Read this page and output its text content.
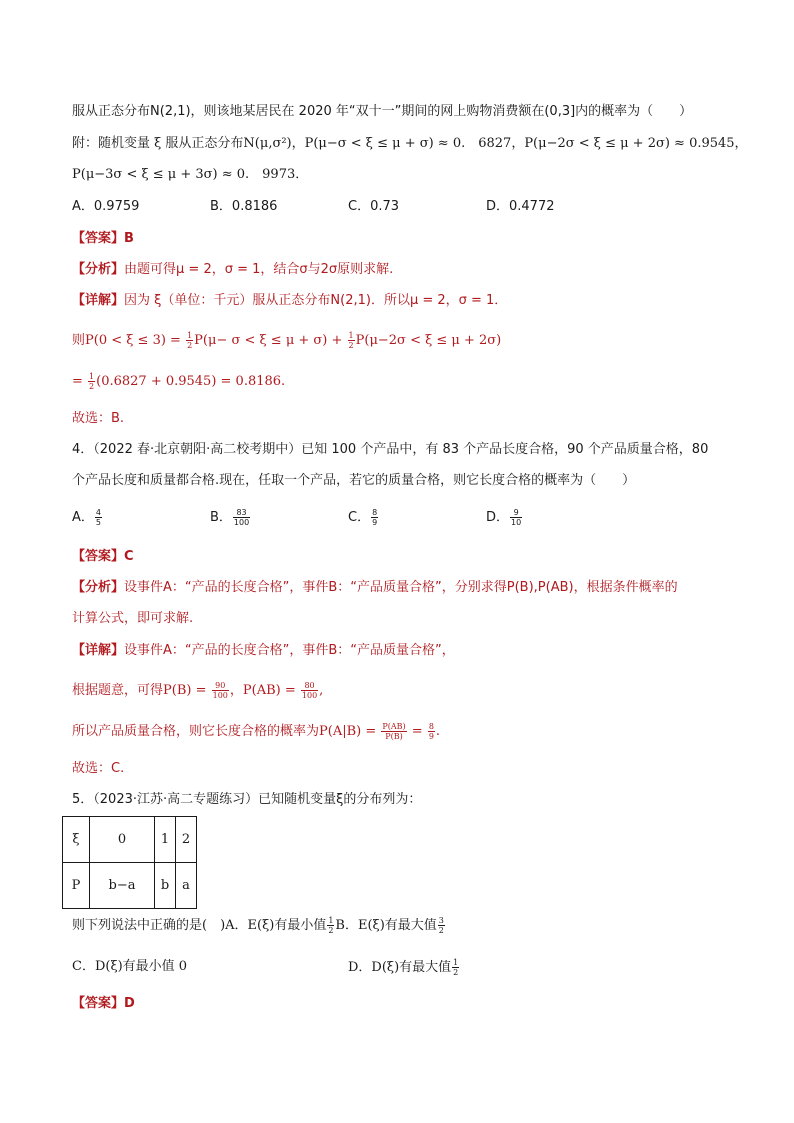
服从正态分布N(2,1)，则该地某居民在 2020 年“双十一”期间的网上购物消费额在(0,3]内的概率为（　　）
附：随机变量 ξ 服从正态分布N(μ,σ²)，P(μ−σ < ξ ≤ μ + σ) ≈ 0.　6827，P(μ−2σ < ξ ≤ μ + 2σ) ≈ 0.9545，
P(μ−3σ < ξ ≤ μ + 3σ) ≈ 0.　9973．
A．0.9759	B．0.8186	C．0.73	D．0.4772
【答案】B
【分析】由题可得μ = 2，σ = 1，结合σ与2σ原则求解.
【详解】因为 ξ（单位：千元）服从正态分布N(2,1)．所以μ = 2，σ = 1．
则$P(0 < \xi \le 3) = \frac{1}{2} P(\mu- \sigma < \xi \le \mu + \sigma) + \frac{1}{2} P(\mu-2\sigma < \xi \le \mu + 2\sigma)$
= $\frac{1}{2} (0.6827 + 0.9545) = 0.8186$.
故选：B.
4．（2022 春·北京朝阳·高二校考期中）已知 100 个产品中，有 83 个产品长度合格，90 个产品质量合格，80
个产品长度和质量都合格.现在，任取一个产品，若它的质量合格，则它长度合格的概率为（　　）
A． $\frac{4}{5}$	B． $\frac{83}{100}$	C． $\frac{8}{9}$	D． $\frac{9}{10}$
【答案】C
【分析】设事件A：“产品的长度合格”，事件B：“产品质量合格”，分别求得P(B),P(AB)，根据条件概率的
计算公式，即可求解.
【详解】设事件A：“产品的长度合格”，事件B：“产品质量合格”，
根据题意，可得$P(B) = \frac{90}{100}$ ，$P(AB) = \frac{80}{100}$ ,
所以产品质量合格，则它长度合格的概率为$P(A|B) = \frac{P(AB)}{P(B)} = \frac{8}{9}$ .
故选：C.
5．（2023·江苏·高二专题练习）已知随机变量ξ的分布列为：
ξ	0	1	2
P	b−a	b	a
则下列说法中正确的是(　)A．E(ξ)有最小值 $\frac{1}{2}$ B．E(ξ)有最大值 $\frac{3}{2}$
C．D(ξ)有最小值 0	D．D(ξ)有最大值 $\frac{1}{2}$
【答案】D
